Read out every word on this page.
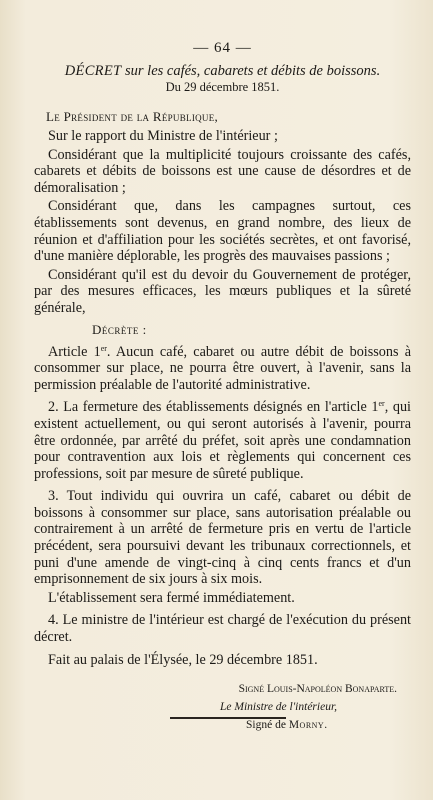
— 64 —

DÉCRET sur les cafés, cabarets et débits de boissons.

Du 29 décembre 1851.

Le Président de la République,

Sur le rapport du Ministre de l'intérieur ;

Considérant que la multiplicité toujours croissante des cafés, cabarets et débits de boissons est une cause de désordres et de démoralisation ;

Considérant que, dans les campagnes surtout, ces établissements sont devenus, en grand nombre, des lieux de réunion et d'affiliation pour les sociétés secrètes, et ont favorisé, d'une manière déplorable, les progrès des mauvaises passions ;

Considérant qu'il est du devoir du Gouvernement de protéger, par des mesures efficaces, les mœurs publiques et la sûreté générale,

Décrète :

Article 1er. Aucun café, cabaret ou autre débit de boissons à consommer sur place, ne pourra être ouvert, à l'avenir, sans la permission préalable de l'autorité administrative.

2. La fermeture des établissements désignés en l'article 1er, qui existent actuellement, ou qui seront autorisés à l'avenir, pourra être ordonnée, par arrêté du préfet, soit après une condamnation pour contravention aux lois et règlements qui concernent ces professions, soit par mesure de sûreté publique.

3. Tout individu qui ouvrira un café, cabaret ou débit de boissons à consommer sur place, sans autorisation préalable ou contrairement à un arrêté de fermeture pris en vertu de l'article précédent, sera poursuivi devant les tribunaux correctionnels, et puni d'une amende de vingt-cinq à cinq cents francs et d'un emprisonnement de six jours à six mois.

L'établissement sera fermé immédiatement.

4. Le ministre de l'intérieur est chargé de l'exécution du présent décret.

Fait au palais de l'Élysée, le 29 décembre 1851.

Signé Louis-Napoléon Bonaparte.

Le Ministre de l'intérieur,

Signé de Morny.
